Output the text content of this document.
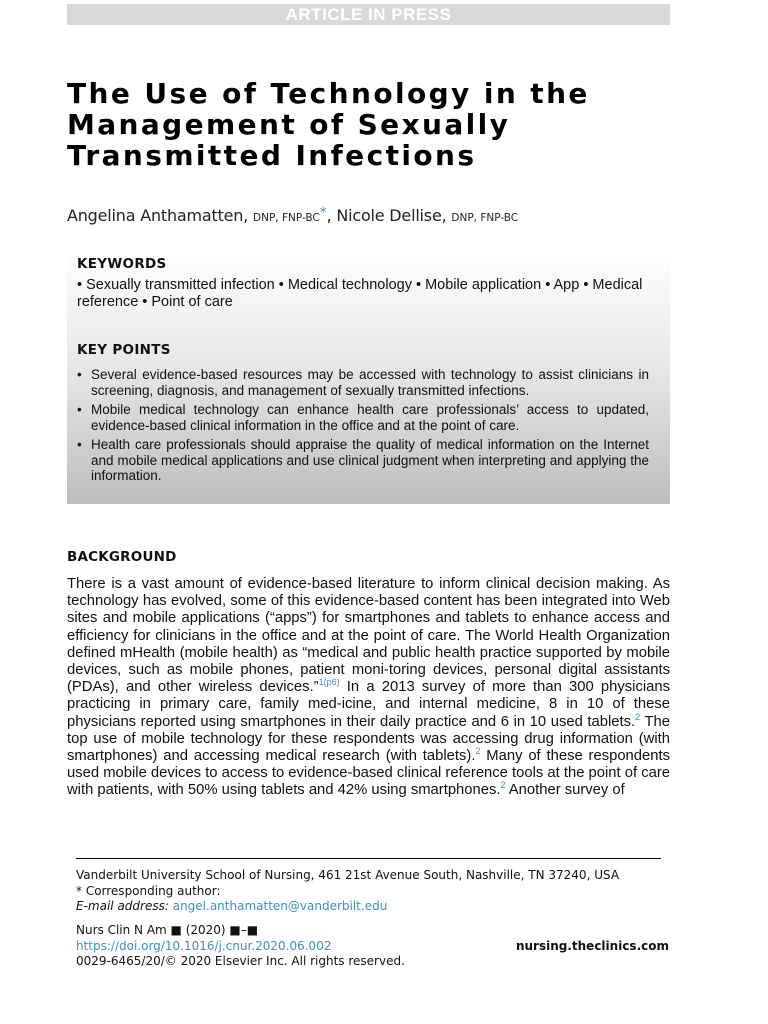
ARTICLE IN PRESS
The Use of Technology in the
Management of Sexually
Transmitted Infections
Angelina Anthamatten, DNP, FNP-BC*, Nicole Dellise, DNP, FNP-BC
KEYWORDS

• Sexually transmitted infection • Medical technology • Mobile application • App • Medical reference • Point of care

KEY POINTS
• Several evidence-based resources may be accessed with technology to assist clinicians in screening, diagnosis, and management of sexually transmitted infections.
• Mobile medical technology can enhance health care professionals’ access to updated, evidence-based clinical information in the office and at the point of care.
• Health care professionals should appraise the quality of medical information on the Internet and mobile medical applications and use clinical judgment when interpreting and applying the information.
BACKGROUND

There is a vast amount of evidence-based literature to inform clinical decision making. As technology has evolved, some of this evidence-based content has been integrated into Web sites and mobile applications (“apps”) for smartphones and tablets to enhance access and efficiency for clinicians in the office and at the point of care. The World Health Organization defined mHealth (mobile health) as “medical and public health practice supported by mobile devices, such as mobile phones, patient moni-toring devices, personal digital assistants (PDAs), and other wireless devices.”$^{1(p6)}$ In a 2013 survey of more than 300 physicians practicing in primary care, family med-icine, and internal medicine, 8 in 10 of these physicians reported using smartphones in their daily practice and 6 in 10 used tablets.$^2$ The top use of mobile technology for these respondents was accessing drug information (with smartphones) and accessing medical research (with tablets).$^2$ Many of these respondents used mobile devices to access to evidence-based clinical reference tools at the point of care with patients, with 50% using tablets and 42% using smartphones.$^2$ Another survey of

Vanderbilt University School of Nursing, 461 21st Avenue South, Nashville, TN 37240, USA
* Corresponding author:
E-mail address: angel.anthamatten@vanderbilt.edu
Nurs Clin N Am ■ (2020) ■–■
https://doi.org/10.1016/j.cnur.2020.06.002
0029-6465/20/© 2020 Elsevier Inc. All rights reserved.
nursing.theclinics.com
